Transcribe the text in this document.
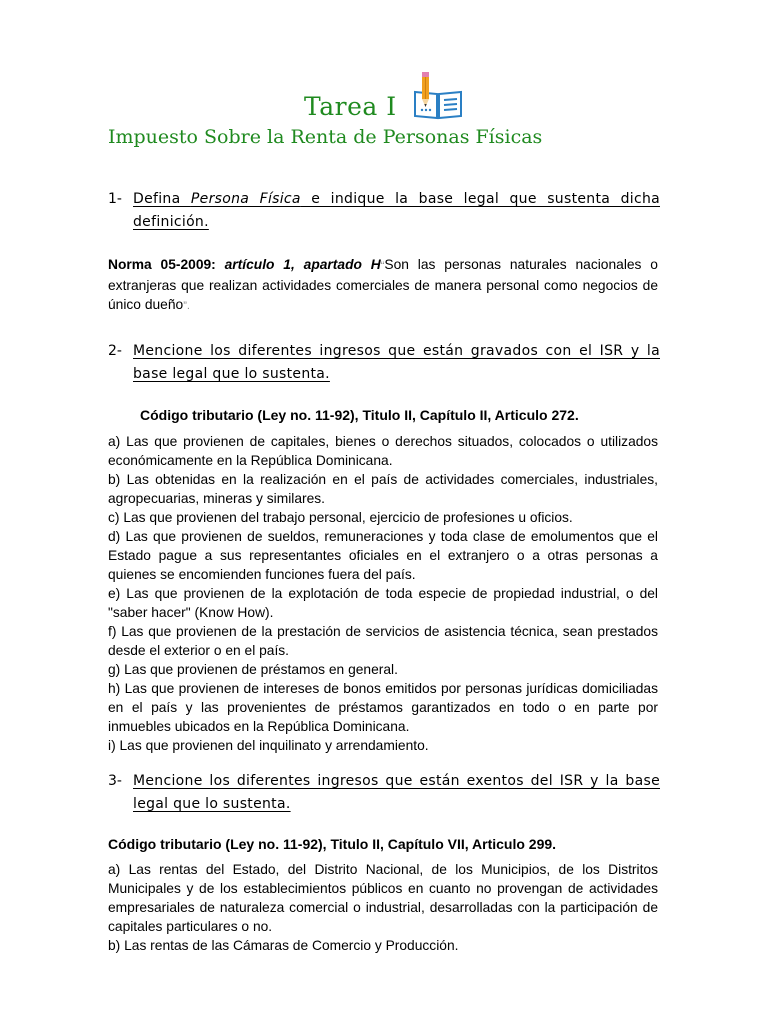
Tarea I
Impuesto Sobre la Renta de Personas Físicas
1- Defina Persona Física e indique la base legal que sustenta dicha definición.
Norma 05-2009: artículo 1, apartado H“Son las personas naturales nacionales o extranjeras que realizan actividades comerciales de manera personal como negocios de único dueño”.
2- Mencione los diferentes ingresos que están gravados con el ISR y la base legal que lo sustenta.
Código tributario (Ley no. 11-92), Titulo II, Capítulo II, Articulo 272.
a) Las que provienen de capitales, bienes o derechos situados, colocados o utilizados económicamente en la República Dominicana.
b) Las obtenidas en la realización en el país de actividades comerciales, industriales, agropecuarias, mineras y similares.
c) Las que provienen del trabajo personal, ejercicio de profesiones u oficios.
d) Las que provienen de sueldos, remuneraciones y toda clase de emolumentos que el Estado pague a sus representantes oficiales en el extranjero o a otras personas a quienes se encomienden funciones fuera del país.
e) Las que provienen de la explotación de toda especie de propiedad industrial, o del "saber hacer" (Know How).
f) Las que provienen de la prestación de servicios de asistencia técnica, sean prestados desde el exterior o en el país.
g) Las que provienen de préstamos en general.
h) Las que provienen de intereses de bonos emitidos por personas jurídicas domiciliadas en el país y las provenientes de préstamos garantizados en todo o en parte por inmuebles ubicados en la República Dominicana.
i) Las que provienen del inquilinato y arrendamiento.
3- Mencione los diferentes ingresos que están exentos del ISR y la base legal que lo sustenta.
Código tributario (Ley no. 11-92), Titulo II, Capítulo VII, Articulo 299.
a) Las rentas del Estado, del Distrito Nacional, de los Municipios, de los Distritos Municipales y de los establecimientos públicos en cuanto no provengan de actividades empresariales de naturaleza comercial o industrial, desarrolladas con la participación de capitales particulares o no.
b) Las rentas de las Cámaras de Comercio y Producción.
